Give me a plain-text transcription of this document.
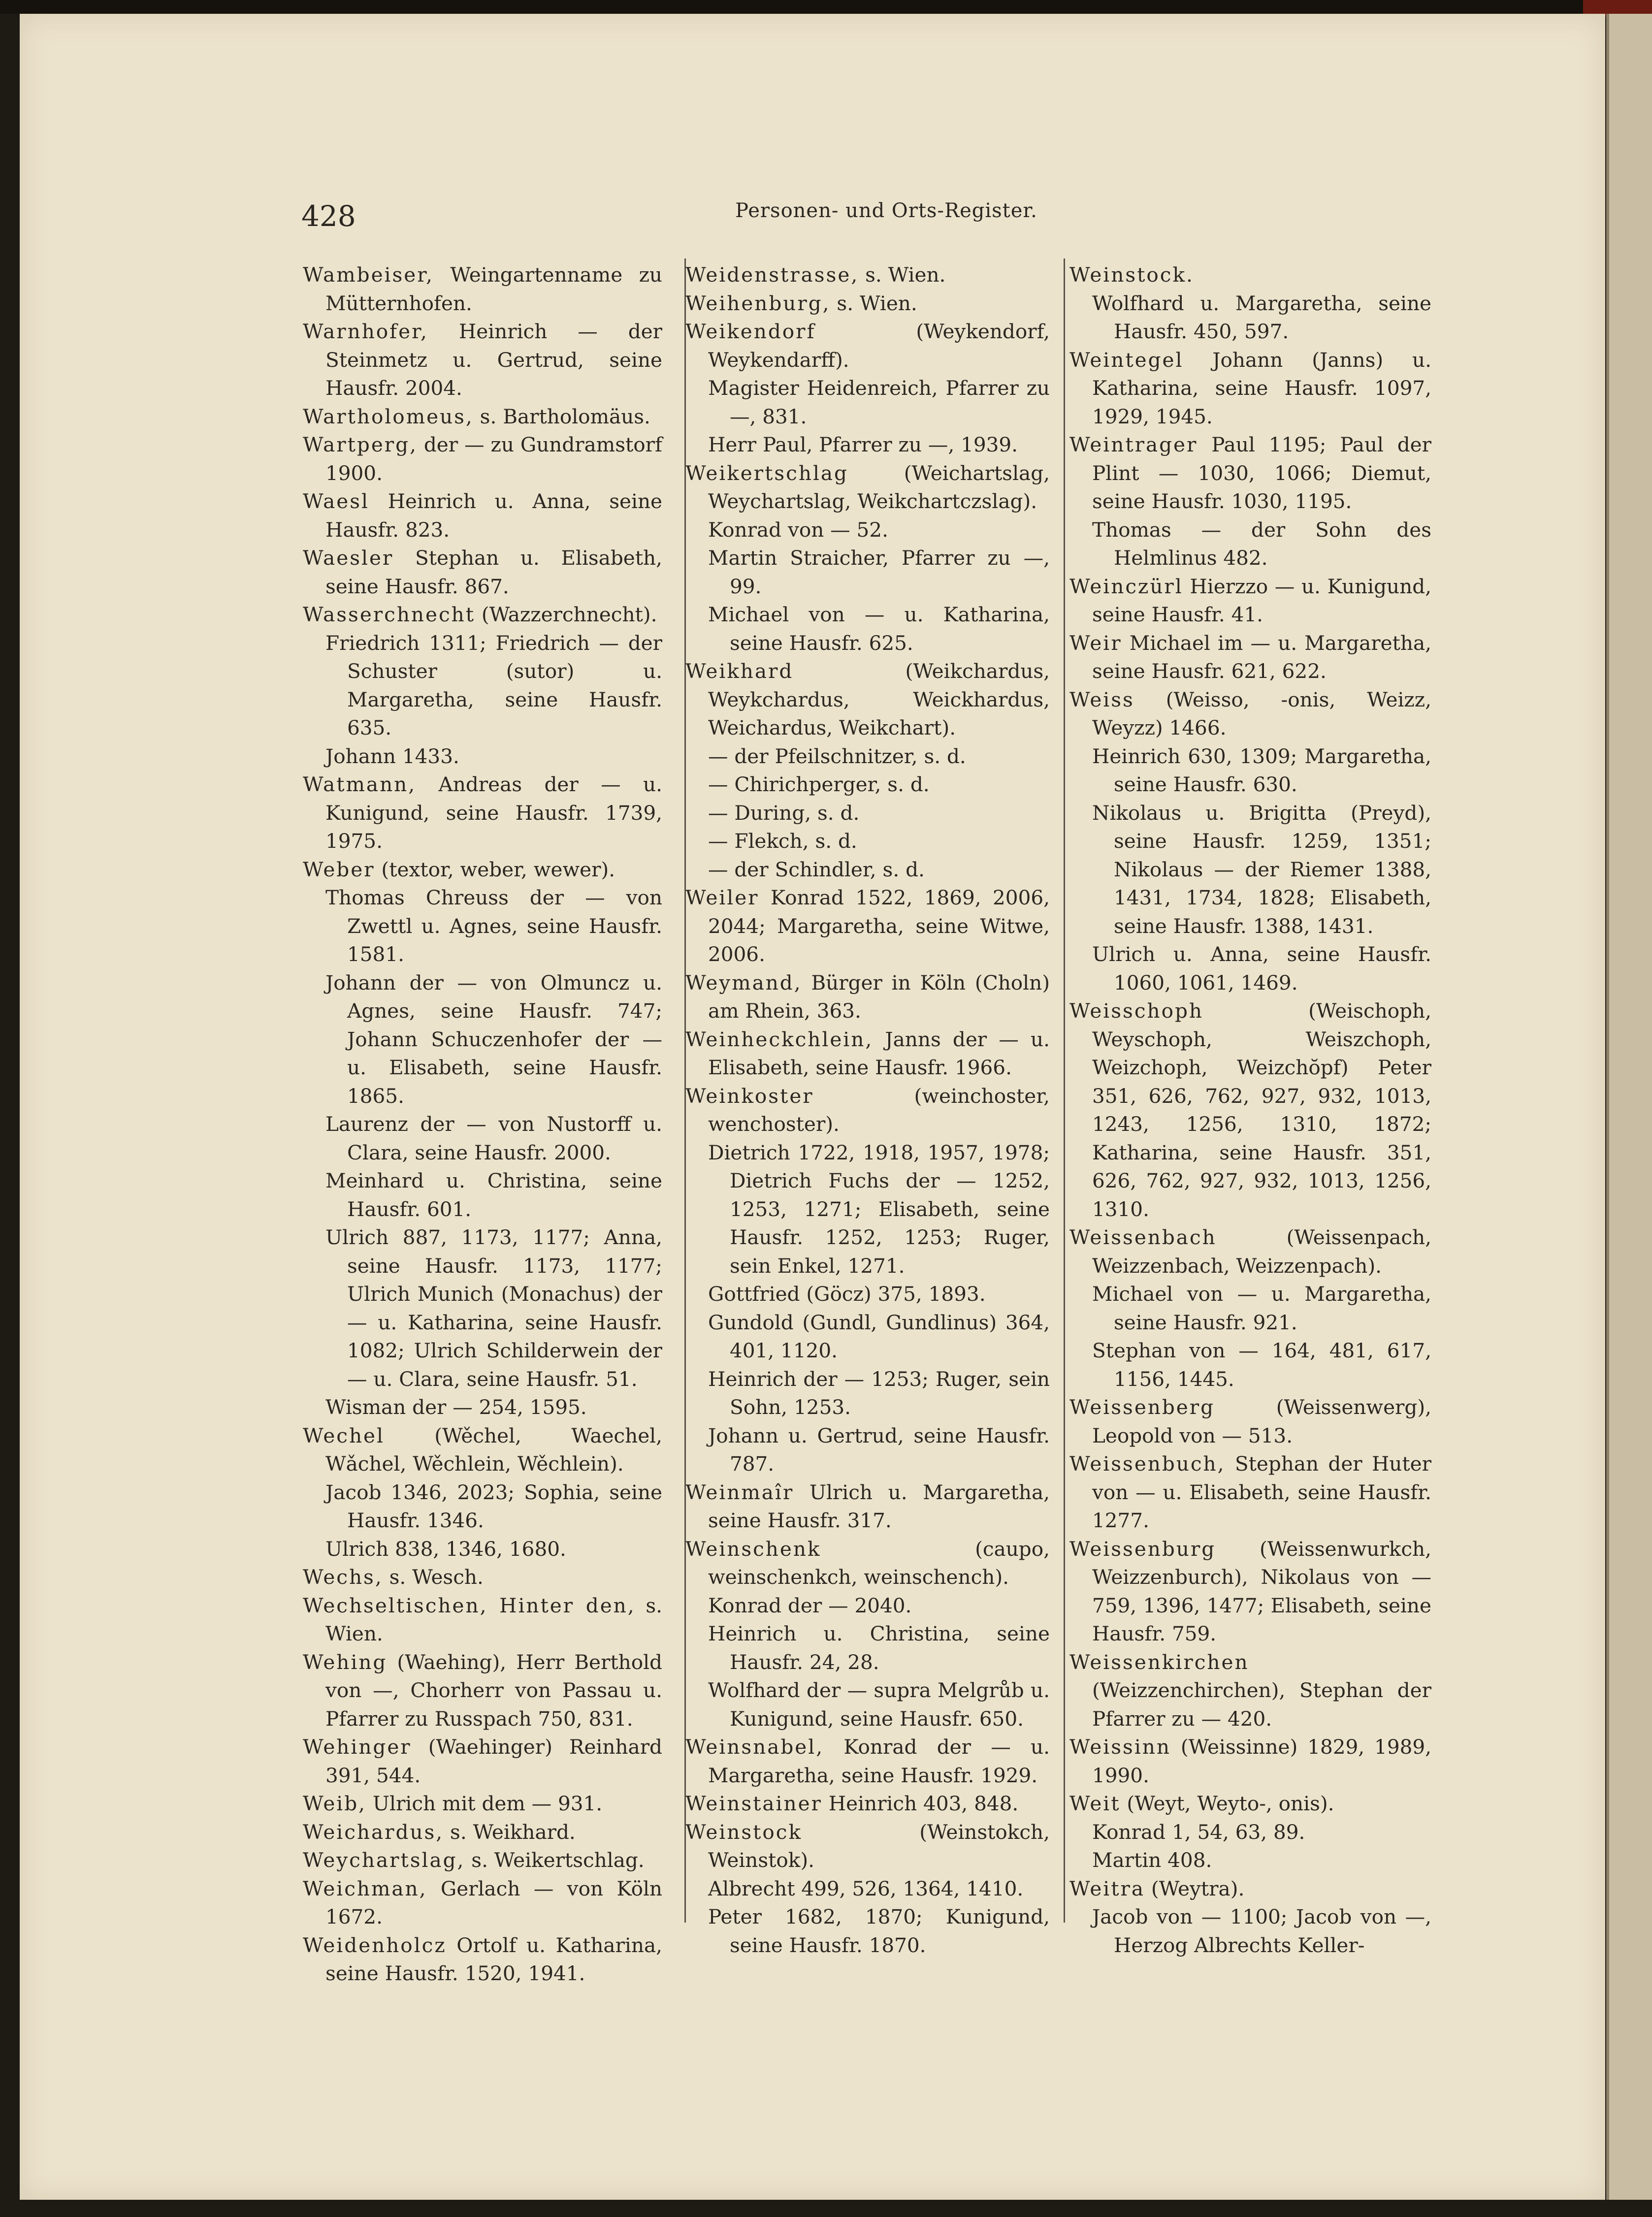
428	Personen- und Orts-Register.

Wambeiser, Weingartenname zu Mütternhofen.

Warnhofer, Heinrich — der Steinmetz u. Gertrud, seine Hausfr. 2004.

Wartholomeus, s. Bartholomäus.

Wartperg, der — zu Gundramstorf 1900.

Waesl Heinrich u. Anna, seine Hausfr. 823.

Waesler Stephan u. Elisabeth, seine Hausfr. 867.

Wasserchnecht (Wazzerchnecht).

Friedrich 1311; Friedrich — der Schuster (sutor) u. Margaretha, seine Hausfr. 635.

Johann 1433.

Watmann, Andreas der — u. Kunigund, seine Hausfr. 1739, 1975.

Weber (textor, weber, wewer).

Thomas Chreuss der — von Zwettl u. Agnes, seine Hausfr. 1581.

Johann der — von Olmuncz u. Agnes, seine Hausfr. 747; Johann Schuczenhofer der — u. Elisabeth, seine Hausfr. 1865.

Laurenz der — von Nustorff u. Clara, seine Hausfr. 2000.

Meinhard u. Christina, seine Hausfr. 601.

Ulrich 887, 1173, 1177; Anna, seine Hausfr. 1173, 1177; Ulrich Munich (Monachus) der — u. Katharina, seine Hausfr. 1082; Ulrich Schilderwein der — u. Clara, seine Hausfr. 51.

Wisman der — 254, 1595.

Wechel (Wěchel, Waechel, Wǎchel, Wěchlein, Wěchlein).

Jacob 1346, 2023; Sophia, seine Hausfr. 1346.

Ulrich 838, 1346, 1680.

Wechs, s. Wesch.

Wechseltischen, Hinter den, s. Wien.

Wehing (Waehing), Herr Berthold von —, Chorherr von Passau u. Pfarrer zu Russpach 750, 831.

Wehinger (Waehinger) Reinhard 391, 544.

Weib, Ulrich mit dem — 931.

Weichardus, s. Weikhard.

Weychartslag, s. Weikertschlag.

Weichman, Gerlach — von Köln 1672.

Weidenholcz Ortolf u. Katharina, seine Hausfr. 1520, 1941.

Weidenstrasse, s. Wien.

Weihenburg, s. Wien.

Weikendorf (Weykendorf, Weykendarff).

Magister Heidenreich, Pfarrer zu —, 831.

Herr Paul, Pfarrer zu —, 1939.

Weikertschlag (Weichartslag, Weychartslag, Weikchartczslag).

Konrad von — 52.

Martin Straicher, Pfarrer zu —, 99.

Michael von — u. Katharina, seine Hausfr. 625.

Weikhard (Weikchardus, Weykchardus, Weickhardus, Weichardus, Weikchart).

— der Pfeilschnitzer, s. d.

— Chirichperger, s. d.

— During, s. d.

— Flekch, s. d.

— der Schindler, s. d.

Weiler Konrad 1522, 1869, 2006, 2044; Margaretha, seine Witwe, 2006.

Weymand, Bürger in Köln (Choln) am Rhein, 363.

Weinheckchlein, Janns der — u. Elisabeth, seine Hausfr. 1966.

Weinkoster (weinchoster, wenchoster).

Dietrich 1722, 1918, 1957, 1978; Dietrich Fuchs der — 1252, 1253, 1271; Elisabeth, seine Hausfr. 1252, 1253; Ruger, sein Enkel, 1271.

Gottfried (Göcz) 375, 1893.

Gundold (Gundl, Gundlinus) 364, 401, 1120.

Heinrich der — 1253; Ruger, sein Sohn, 1253.

Johann u. Gertrud, seine Hausfr. 787.

Weinmaîr Ulrich u. Margaretha, seine Hausfr. 317.

Weinschenk (caupo, weinschenkch, weinschench).

Konrad der — 2040.

Heinrich u. Christina, seine Hausfr. 24, 28.

Wolfhard der — supra Melgrůb u. Kunigund, seine Hausfr. 650.

Weinsnabel, Konrad der — u. Margaretha, seine Hausfr. 1929.

Weinstainer Heinrich 403, 848.

Weinstock (Weinstokch, Weinstok).

Albrecht 499, 526, 1364, 1410.

Peter 1682, 1870; Kunigund, seine Hausfr. 1870.

Weinstock.

Wolfhard u. Margaretha, seine Hausfr. 450, 597.

Weintegel Johann (Janns) u. Katharina, seine Hausfr. 1097, 1929, 1945.

Weintrager Paul 1195; Paul der Plint — 1030, 1066; Diemut, seine Hausfr. 1030, 1195.

Thomas — der Sohn des Helmlinus 482.

Weinczürl Hierzzo — u. Kunigund, seine Hausfr. 41.

Weir Michael im — u. Margaretha, seine Hausfr. 621, 622.

Weiss (Weisso, -onis, Weizz, Weyzz) 1466.

Heinrich 630, 1309; Margaretha, seine Hausfr. 630.

Nikolaus u. Brigitta (Preyd), seine Hausfr. 1259, 1351; Nikolaus — der Riemer 1388, 1431, 1734, 1828; Elisabeth, seine Hausfr. 1388, 1431.

Ulrich u. Anna, seine Hausfr. 1060, 1061, 1469.

Weisschoph (Weischoph, Weyschoph, Weiszchoph, Weizchoph, Weizchŏpf) Peter 351, 626, 762, 927, 932, 1013, 1243, 1256, 1310, 1872; Katharina, seine Hausfr. 351, 626, 762, 927, 932, 1013, 1256, 1310.

Weissenbach (Weissenpach, Weizzenbach, Weizzenpach).

Michael von — u. Margaretha, seine Hausfr. 921.

Stephan von — 164, 481, 617, 1156, 1445.

Weissenberg (Weissenwerg), Leopold von — 513.

Weissenbuch, Stephan der Huter von — u. Elisabeth, seine Hausfr. 1277.

Weissenburg (Weissenwurkch, Weizzenburch), Nikolaus von — 759, 1396, 1477; Elisabeth, seine Hausfr. 759.

Weissenkirchen (Weizzenchirchen), Stephan der Pfarrer zu — 420.

Weissinn (Weissinne) 1829, 1989, 1990.

Weit (Weyt, Weyto-, onis).

Konrad 1, 54, 63, 89.

Martin 408.

Weitra (Weytra).

Jacob von — 1100; Jacob von —, Herzog Albrechts Keller-
